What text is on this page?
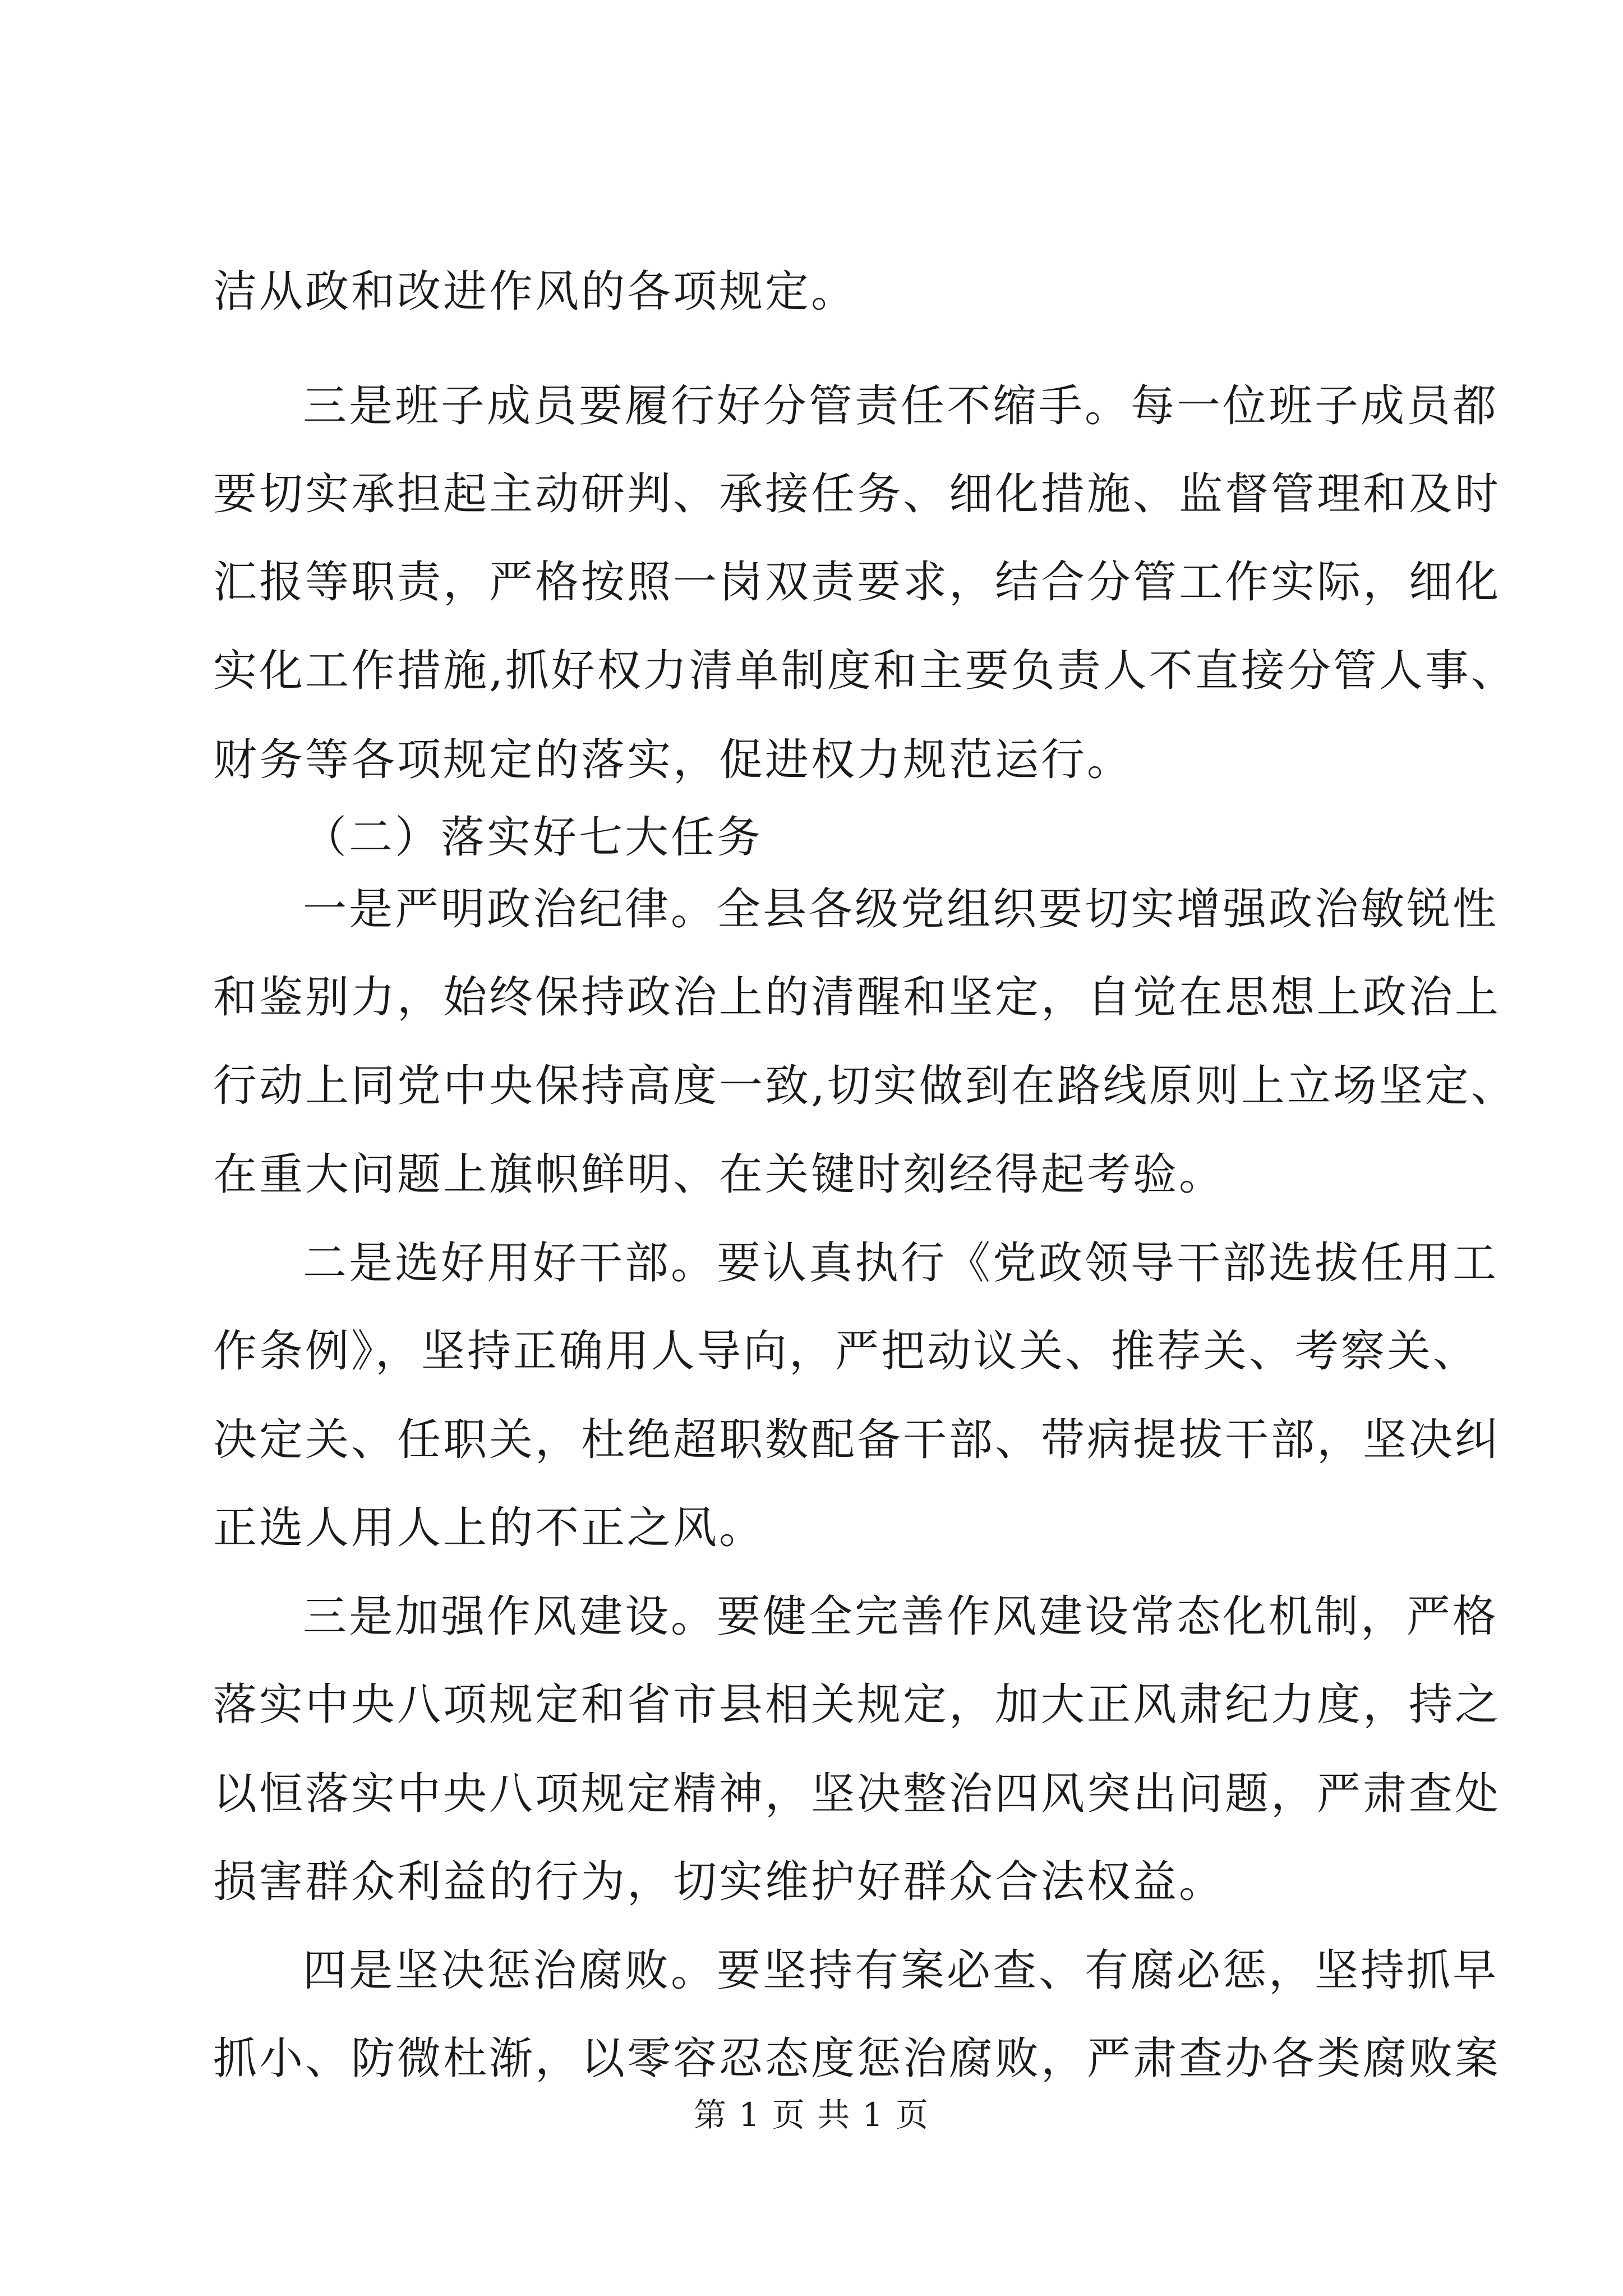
洁从政和改进作风的各项规定。
三是班子成员要履行好分管责任不缩手。每一位班子成员都
要切实承担起主动研判、承接任务、细化措施、监督管理和及时
汇报等职责，严格按照一岗双责要求，结合分管工作实际，细化
实化工作措施,抓好权力清单制度和主要负责人不直接分管人事、
财务等各项规定的落实，促进权力规范运行。
（二）落实好七大任务
一是严明政治纪律。全县各级党组织要切实增强政治敏锐性
和鉴别力，始终保持政治上的清醒和坚定，自觉在思想上政治上
行动上同党中央保持高度一致,切实做到在路线原则上立场坚定、
在重大问题上旗帜鲜明、在关键时刻经得起考验。
二是选好用好干部。要认真执行《党政领导干部选拔任用工
作条例》，坚持正确用人导向，严把动议关、推荐关、考察关、
决定关、任职关，杜绝超职数配备干部、带病提拔干部，坚决纠
正选人用人上的不正之风。
三是加强作风建设。要健全完善作风建设常态化机制，严格
落实中央八项规定和省市县相关规定，加大正风肃纪力度，持之
以恒落实中央八项规定精神，坚决整治四风突出问题，严肃查处
损害群众利益的行为，切实维护好群众合法权益。
四是坚决惩治腐败。要坚持有案必查、有腐必惩，坚持抓早
抓小、防微杜渐，以零容忍态度惩治腐败，严肃查办各类腐败案
第 1 页 共 1 页
